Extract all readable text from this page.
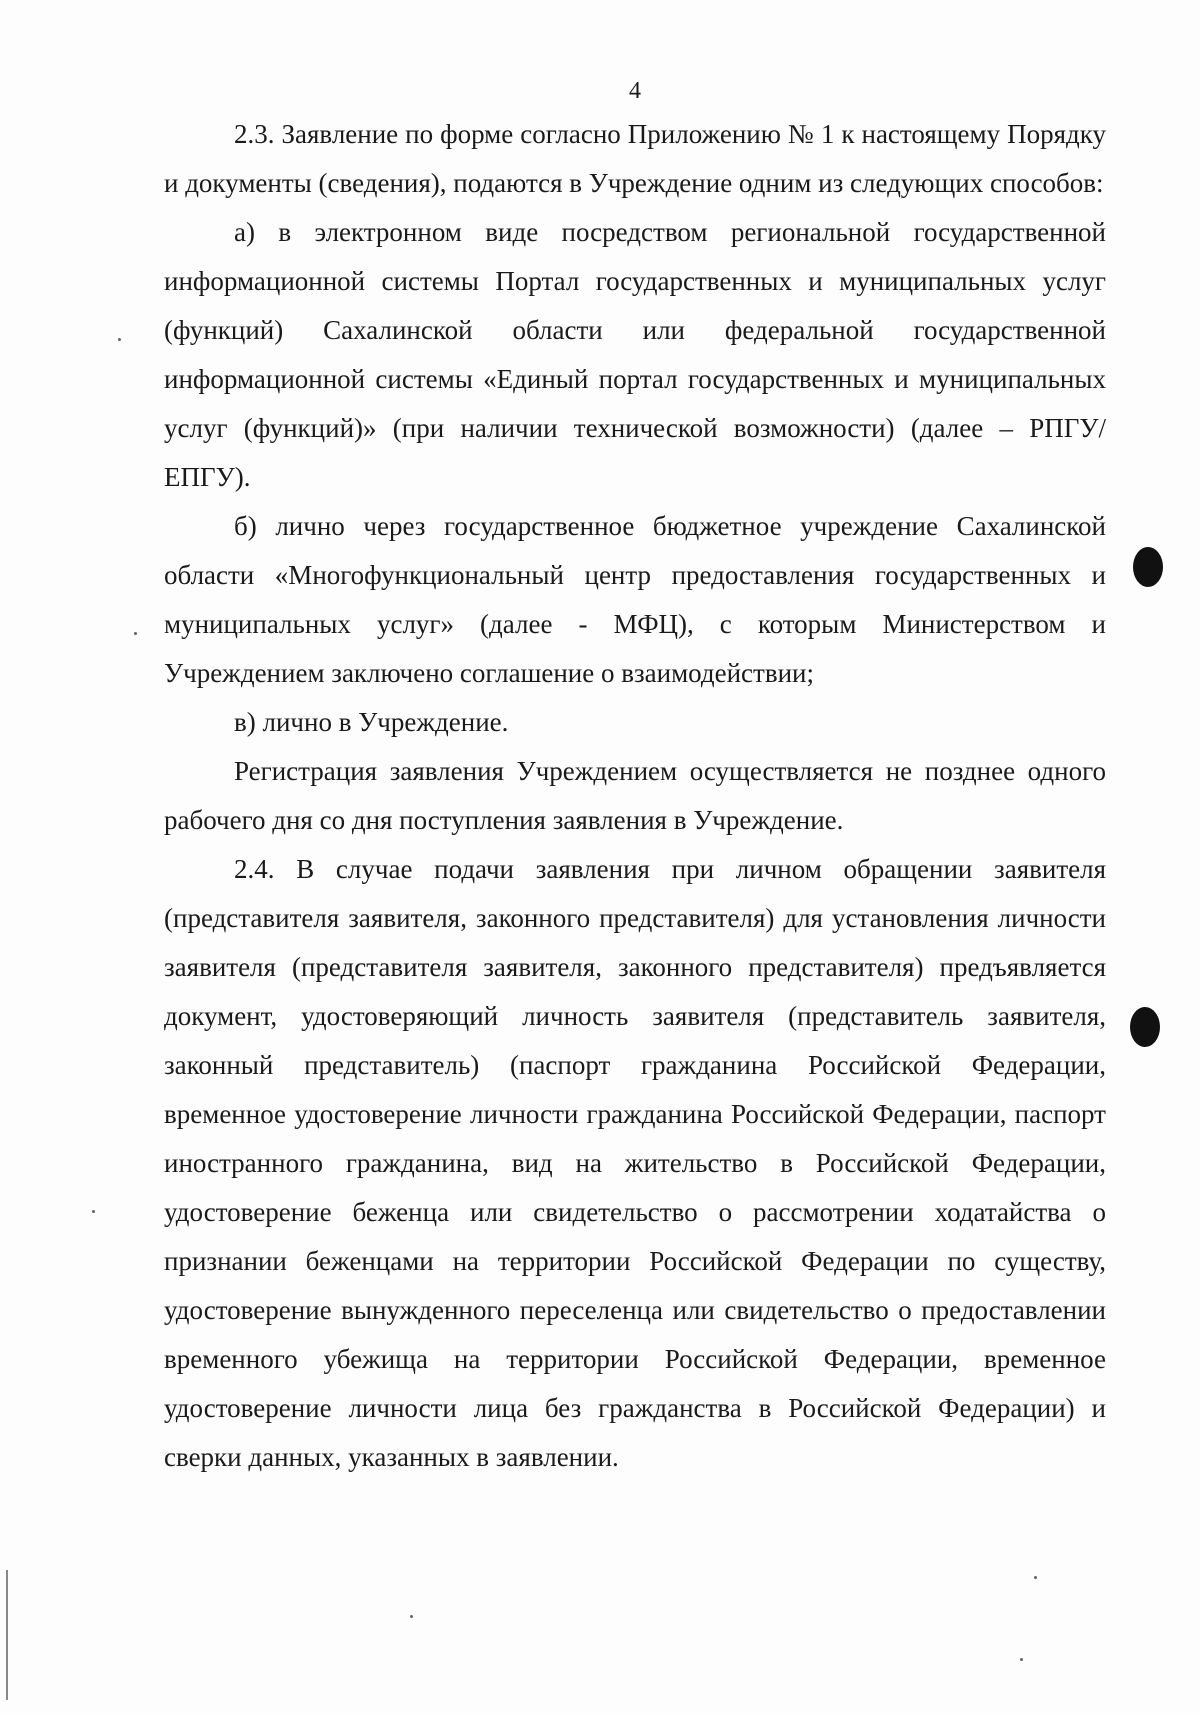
4

2.3. Заявление по форме согласно Приложению № 1 к настоящему Порядку и документы (сведения), подаются в Учреждение одним из следующих способов:

а) в электронном виде посредством региональной государственной информационной системы Портал государственных и муниципальных услуг (функций) Сахалинской области или федеральной государственной информационной системы «Единый портал государственных и муниципальных услуг (функций)» (при наличии технической возможности) (далее – РПГУ/ЕПГУ).

б) лично через государственное бюджетное учреждение Сахалинской области «Многофункциональный центр предоставления государственных и муниципальных услуг» (далее - МФЦ), с которым Министерством и Учреждением заключено соглашение о взаимодействии;

в) лично в Учреждение.

Регистрация заявления Учреждением осуществляется не позднее одного рабочего дня со дня поступления заявления в Учреждение.

2.4. В случае подачи заявления при личном обращении заявителя (представителя заявителя, законного представителя) для установления личности заявителя (представителя заявителя, законного представителя) предъявляется документ, удостоверяющий личность заявителя (представитель заявителя, законный представитель) (паспорт гражданина Российской Федерации, временное удостоверение личности гражданина Российской Федерации, паспорт иностранного гражданина, вид на жительство в Российской Федерации, удостоверение беженца или свидетельство о рассмотрении ходатайства о признании беженцами на территории Российской Федерации по существу, удостоверение вынужденного переселенца или свидетельство о предоставлении временного убежища на территории Российской Федерации, временное удостоверение личности лица без гражданства в Российской Федерации) и сверки данных, указанных в заявлении.
